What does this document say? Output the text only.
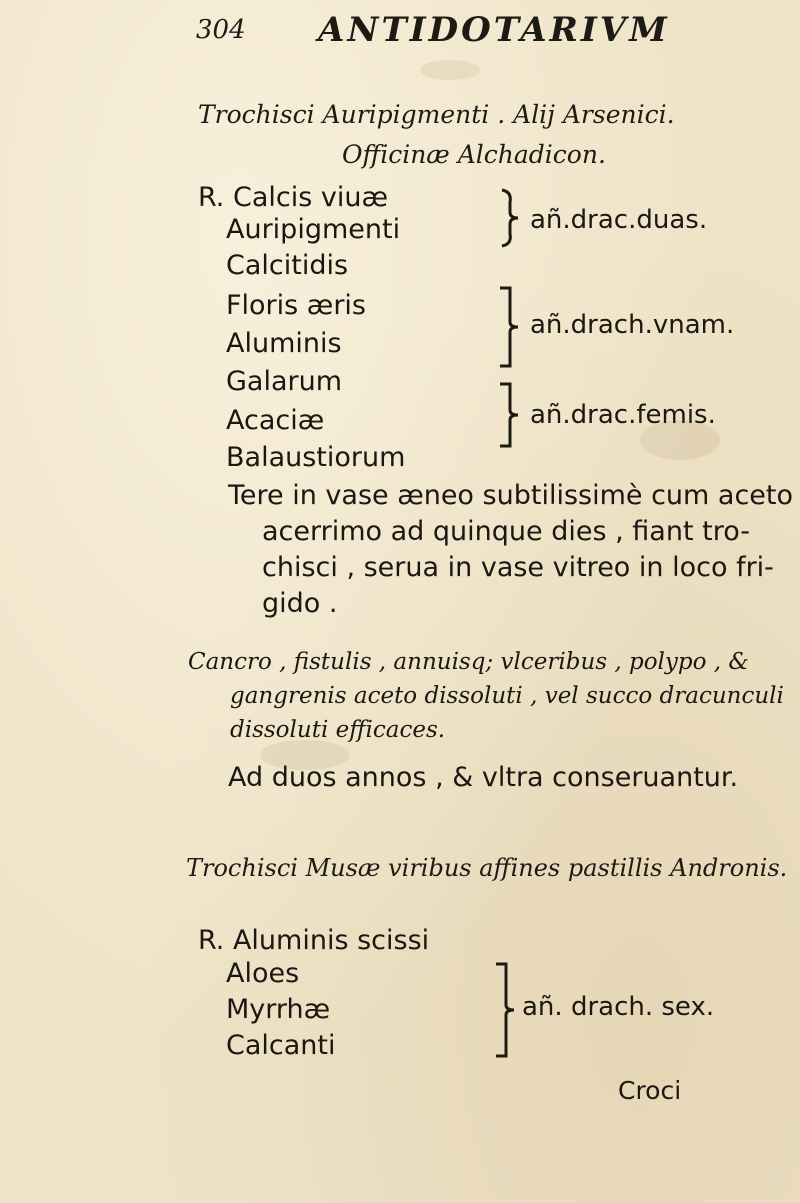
304 ANTIDOTARIVM
Trochisci Auripigmenti . Alij Arsenici.
Officinæ Alchadicon.
R. Calcis viuæ
Auripigmenti
Calcitidis
Floris æris
Aluminis
Galarum
Acaciæ
Balaustiorum
añ.drac.duas.
añ.drach.vnam.
añ.drac.femis.
Tere in vase æneo subtilissimè cum aceto
acerrimo ad quinque dies , fiant tro-
chisci , serua in vase vitreo in loco fri-
gido .
Cancro , fistulis , annuisq; vlceribus , polypo , &
gangrenis aceto dissoluti , vel succo dracunculi
dissoluti efficaces.
Ad duos annos , & vltra conseruantur.
Trochisci Musæ viribus affines pastillis Andronis.
R. Aluminis scissi
Aloes
Myrrhæ
Calcanti
añ. drach. sex.
Croci
